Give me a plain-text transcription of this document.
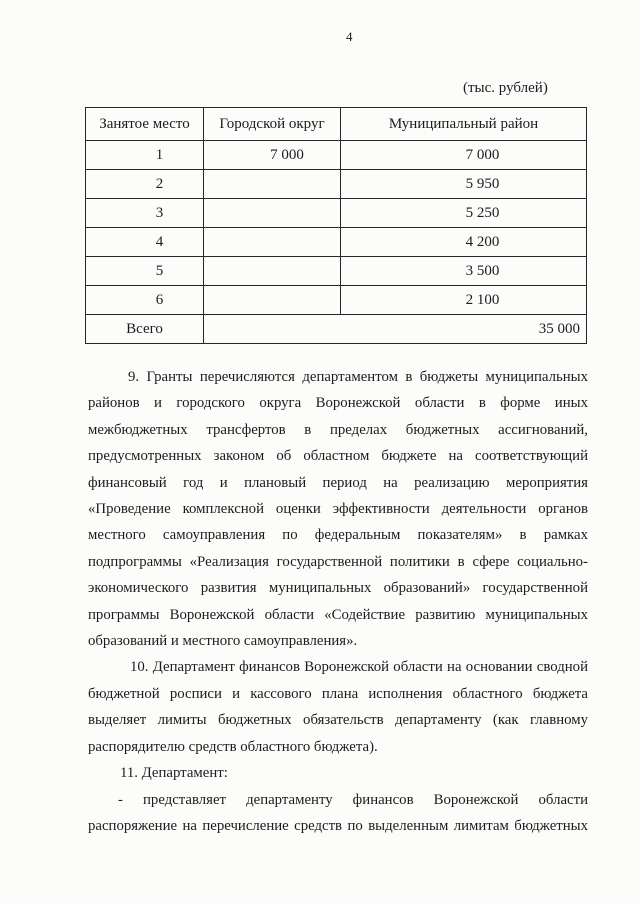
4
(тыс. рублей)
Занятое место	Городской округ	Муниципальный район
1	7 000	7 000
2		5 950
3		5 250
4		4 200
5		3 500
6		2 100
Всего	35 000	
9. Гранты перечисляются департаментом в бюджеты муниципальных
районов и городского округа Воронежской области в форме иных
межбюджетных трансфертов в пределах бюджетных ассигнований,
предусмотренных законом об областном бюджете на соответствующий
финансовый год и плановый период на реализацию мероприятия
«Проведение комплексной оценки эффективности деятельности органов
местного самоуправления по федеральным показателям» в рамках
подпрограммы «Реализация государственной политики в сфере социально-
экономического развития муниципальных образований» государственной
программы Воронежской области «Содействие развитию муниципальных
образований и местного самоуправления».
10. Департамент финансов Воронежской области на основании сводной
бюджетной росписи и кассового плана исполнения областного бюджета
выделяет лимиты бюджетных обязательств департаменту (как главному
распорядителю средств областного бюджета).
11. Департамент:
- представляет департаменту финансов Воронежской области
распоряжение на перечисление средств по выделенным лимитам бюджетных
